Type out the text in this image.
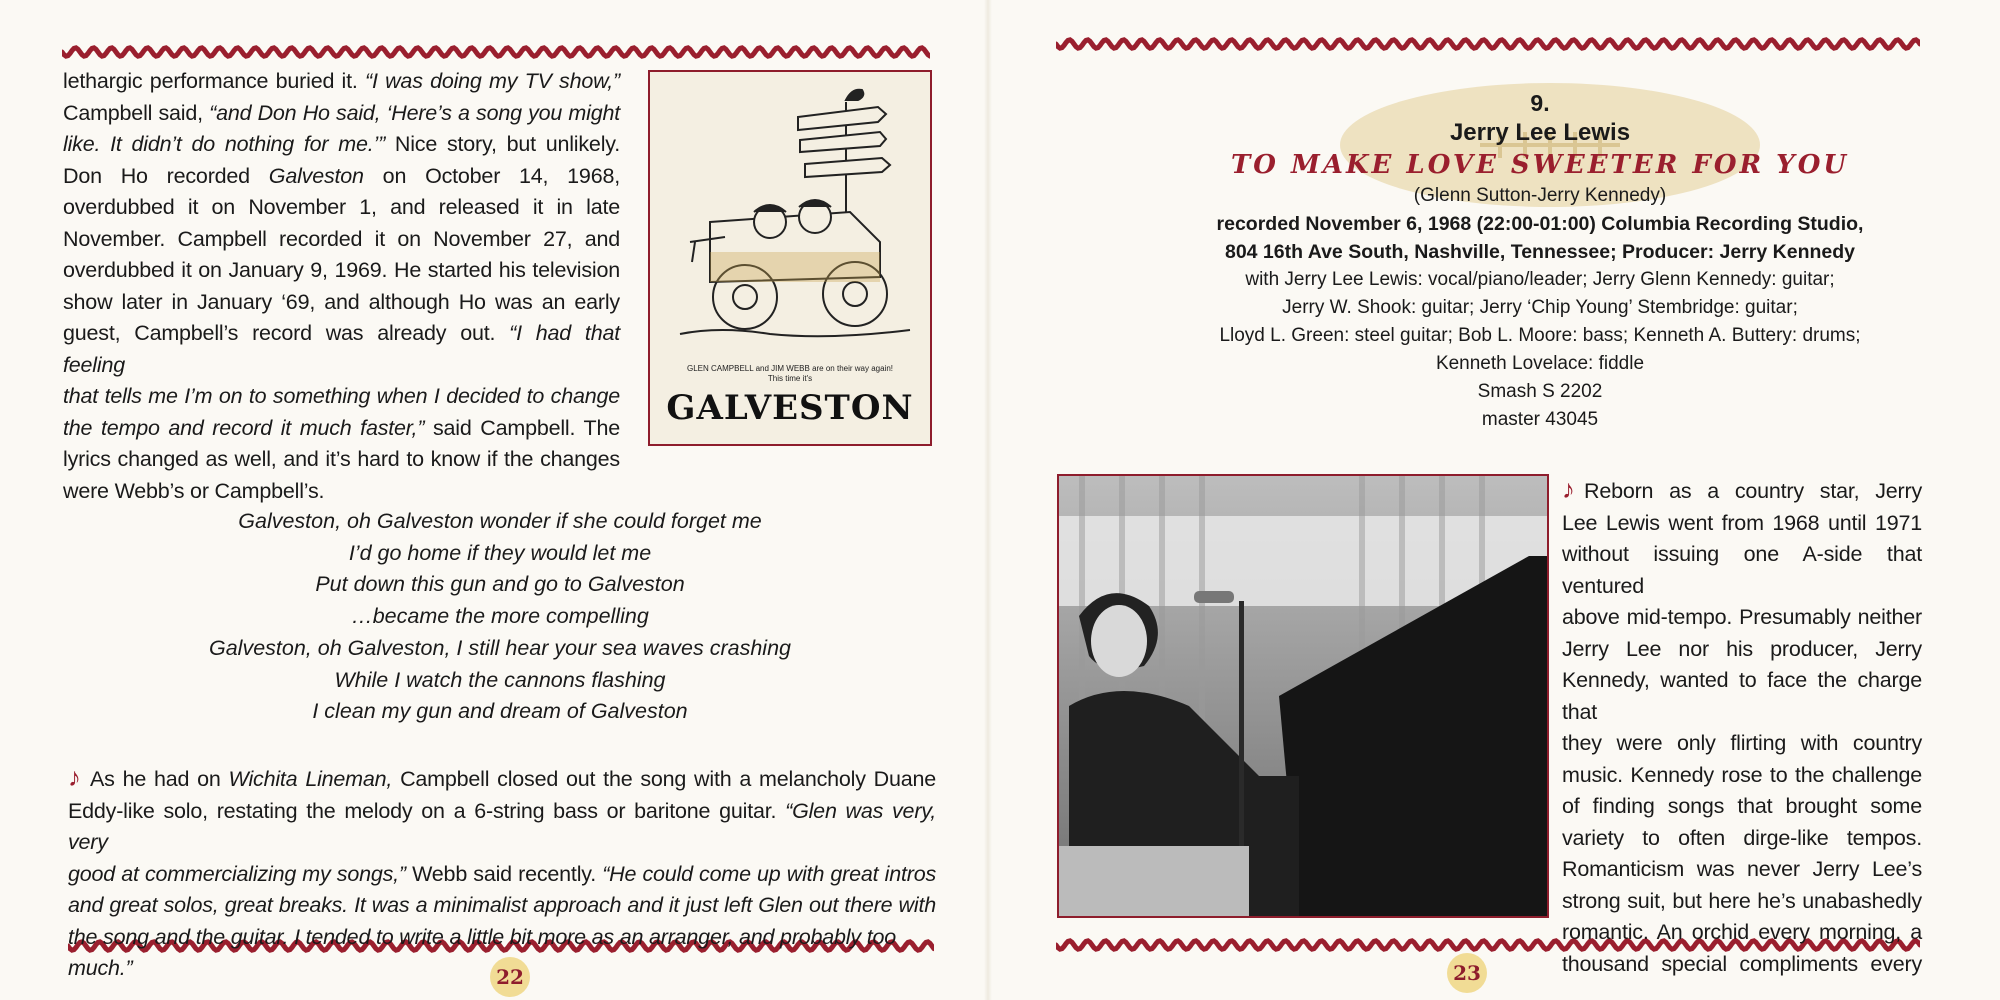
lethargic performance buried it. “I was doing my TV show,”
Campbell said, “and Don Ho said, ‘Here’s a song you might
like. It didn’t do nothing for me.’” Nice story, but unlikely.
Don Ho recorded Galveston on October 14, 1968,
overdubbed it on November 1, and released it in late
November. Campbell recorded it on November 27, and
overdubbed it on January 9, 1969. He started his television
show later in January ‘69, and although Ho was an early
guest, Campbell’s record was already out. “I had that feeling
that tells me I’m on to something when I decided to change
the tempo and record it much faster,” said Campbell. The
lyrics changed as well, and it’s hard to know if the changes
were Webb’s or Campbell’s.
GLEN CAMPBELL and JIM WEBB are on their way again!
This time it's
GALVESTON
Galveston, oh Galveston wonder if she could forget me
I’d go home if they would let me
Put down this gun and go to Galveston
…became the more compelling
Galveston, oh Galveston, I still hear your sea waves crashing
While I watch the cannons flashing
I clean my gun and dream of Galveston
♪ As he had on Wichita Lineman, Campbell closed out the song with a melancholy Duane
Eddy-like solo, restating the melody on a 6-string bass or baritone guitar. “Glen was very, very
good at commercializing my songs,” Webb said recently. “He could come up with great intros
and great solos, great breaks. It was a minimalist approach and it just left Glen out there with
the song and the guitar. I tended to write a little bit more as an arranger, and probably too much.”	22
9.
Jerry Lee Lewis
TO MAKE LOVE SWEETER FOR YOU
(Glenn Sutton-Jerry Kennedy)
recorded November 6, 1968 (22:00-01:00) Columbia Recording Studio,
804 16th Ave South, Nashville, Tennessee; Producer: Jerry Kennedy
with Jerry Lee Lewis: vocal/piano/leader; Jerry Glenn Kennedy: guitar;
Jerry W. Shook: guitar; Jerry ‘Chip Young’ Stembridge: guitar;
Lloyd L. Green: steel guitar; Bob L. Moore: bass; Kenneth A. Buttery: drums;
Kenneth Lovelace: fiddle
Smash S 2202
master 43045
♪ Reborn as a country star, Jerry
Lee Lewis went from 1968 until 1971
without issuing one A-side that ventured
above mid-tempo. Presumably neither
Jerry Lee nor his producer, Jerry
Kennedy, wanted to face the charge that
they were only flirting with country
music. Kennedy rose to the challenge
of finding songs that brought some
variety to often dirge-like tempos.
Romanticism was never Jerry Lee’s
strong suit, but here he’s unabashedly
romantic. An orchid every morning, a
thousand special compliments every
23
